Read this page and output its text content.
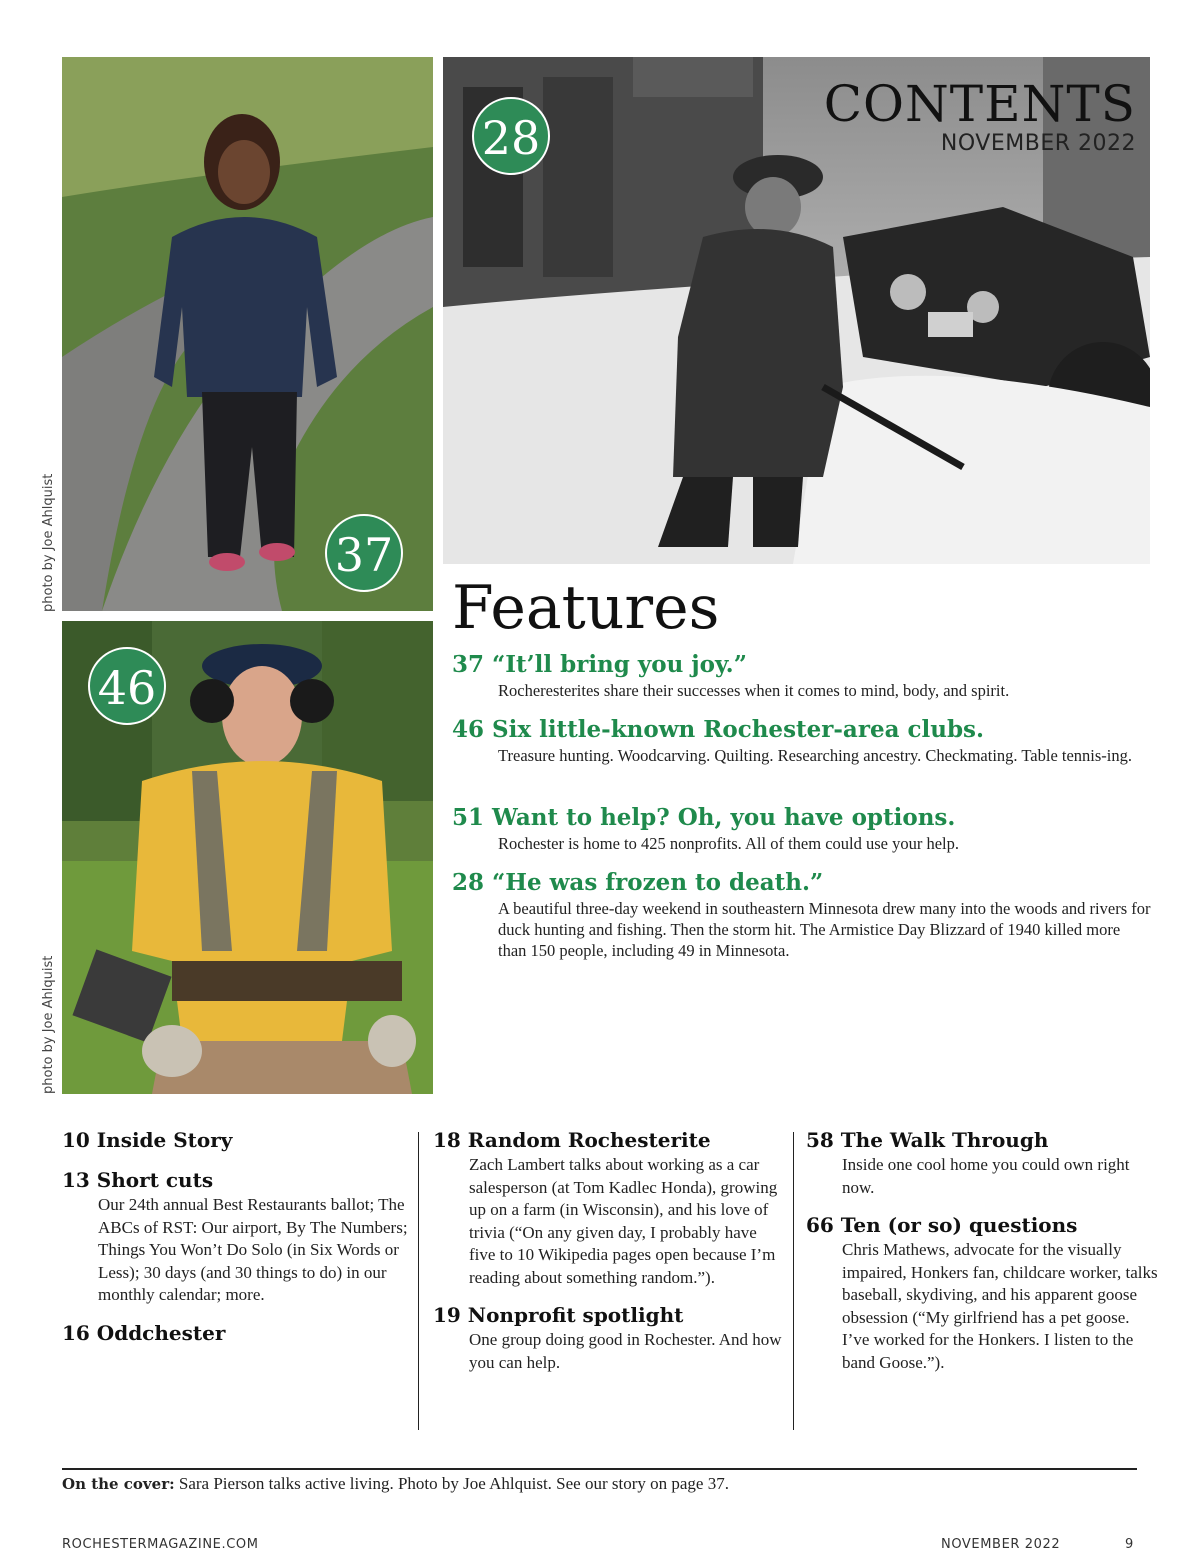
37
photo by Joe Ahlquist
28
CONTENTS
NOVEMBER 2022
46
photo by Joe Ahlquist
Features
37 “It’ll bring you joy.”
Rocheresterites share their successes when it comes to mind, body, and spirit.
46 Six little-known Rochester-area clubs.
Treasure hunting. Woodcarving. Quilting. Researching ancestry. Checkmating. Table tennis-ing.
51 Want to help? Oh, you have options.
Rochester is home to 425 nonprofits. All of them could use your help.
28 “He was frozen to death.”
A beautiful three-day weekend in southeastern Minnesota drew many into the woods and rivers for duck hunting and fishing. Then the storm hit. The Armistice Day Blizzard of 1940 killed more than 150 people, including 49 in Minnesota.
10 Inside Story
13 Short cuts
Our 24th annual Best Restaurants ballot; The ABCs of RST: Our airport, By The Numbers; Things You Won’t Do Solo (in Six Words or Less); 30 days (and 30 things to do) in our monthly calendar; more.
16 Oddchester
18 Random Rochesterite
Zach Lambert talks about working as a car salesperson (at Tom Kadlec Honda), growing up on a farm (in Wisconsin), and his love of trivia (“On any given day, I probably have five to 10 Wikipedia pages open because I’m reading about something random.”).
19 Nonprofit spotlight
One group doing good in Rochester. And how you can help.
58 The Walk Through
Inside one cool home you could own right now.
66 Ten (or so) questions
Chris Mathews, advocate for the visually impaired, Honkers fan, childcare worker, talks baseball, skydiving, and his apparent goose obsession (“My girlfriend has a pet goose. I’ve worked for the Honkers. I listen to the band Goose.”).
On the cover: Sara Pierson talks active living. Photo by Joe Ahlquist. See our story on page 37.
ROCHESTERMAGAZINE.COM	NOVEMBER 2022	9
